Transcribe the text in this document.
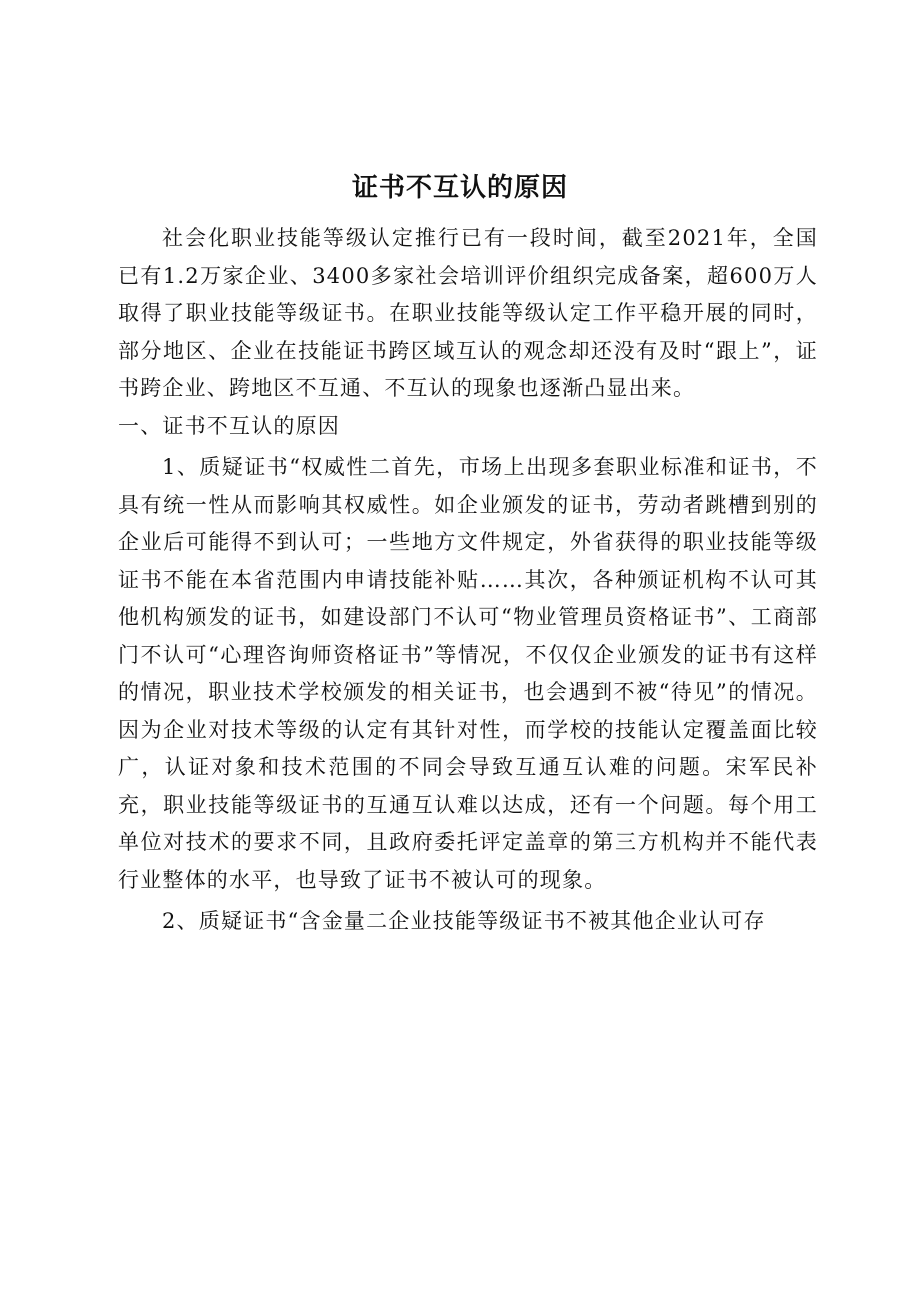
证书不互认的原因

社会化职业技能等级认定推行已有一段时间，截至2021年，全国已有1.2万家企业、3400多家社会培训评价组织完成备案，超600万人取得了职业技能等级证书。在职业技能等级认定工作平稳开展的同时，部分地区、企业在技能证书跨区域互认的观念却还没有及时“跟上”，证书跨企业、跨地区不互通、不互认的现象也逐渐凸显出来。

一、证书不互认的原因

1、质疑证书“权威性二首先，市场上出现多套职业标准和证书，不具有统一性从而影响其权威性。如企业颁发的证书，劳动者跳槽到别的企业后可能得不到认可；一些地方文件规定，外省获得的职业技能等级证书不能在本省范围内申请技能补贴……其次，各种颁证机构不认可其他机构颁发的证书，如建设部门不认可“物业管理员资格证书”、工商部门不认可“心理咨询师资格证书”等情况，不仅仅企业颁发的证书有这样的情况，职业技术学校颁发的相关证书，也会遇到不被“待见”的情况。因为企业对技术等级的认定有其针对性，而学校的技能认定覆盖面比较广，认证对象和技术范围的不同会导致互通互认难的问题。宋军民补充，职业技能等级证书的互通互认难以达成，还有一个问题。每个用工单位对技术的要求不同，且政府委托评定盖章的第三方机构并不能代表行业整体的水平，也导致了证书不被认可的现象。

2、质疑证书“含金量二企业技能等级证书不被其他企业认可存
